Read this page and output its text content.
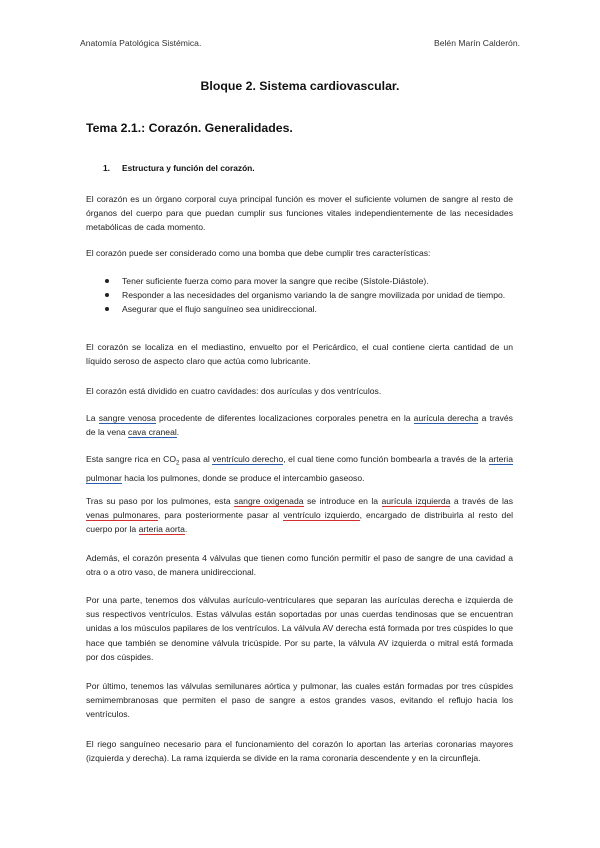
Anatomía Patológica Sistémica.	Belén Marín Calderón.
Bloque 2. Sistema cardiovascular.
Tema 2.1.: Corazón. Generalidades.
1. Estructura y función del corazón.
El corazón es un órgano corporal cuya principal función es mover el suficiente volumen de sangre al resto de órganos del cuerpo para que puedan cumplir sus funciones vitales independientemente de las necesidades metabólicas de cada momento.
El corazón puede ser considerado como una bomba que debe cumplir tres características:
Tener suficiente fuerza como para mover la sangre que recibe (Sístole-Diástole).
Responder a las necesidades del organismo variando la de sangre movilizada por unidad de tiempo.
Asegurar que el flujo sanguíneo sea unidireccional.
El corazón se localiza en el mediastino, envuelto por el Pericárdico, el cual contiene cierta cantidad de un líquido seroso de aspecto claro que actúa como lubricante.
El corazón está dividido en cuatro cavidades: dos aurículas y dos ventrículos.
La sangre venosa procedente de diferentes localizaciones corporales penetra en la aurícula derecha a través de la vena cava craneal.
Esta sangre rica en $CO_2$ pasa al ventrículo derecho, el cual tiene como función bombearla a través de la arteria pulmonar hacia los pulmones, donde se produce el intercambio gaseoso.
Tras su paso por los pulmones, esta sangre oxigenada se introduce en la aurícula izquierda a través de las venas pulmonares, para posteriormente pasar al ventrículo izquierdo, encargado de distribuirla al resto del cuerpo por la arteria aorta.
Además, el corazón presenta 4 válvulas que tienen como función permitir el paso de sangre de una cavidad a otra o a otro vaso, de manera unidireccional.
Por una parte, tenemos dos válvulas aurículo-ventriculares que separan las aurículas derecha e izquierda de sus respectivos ventrículos. Estas válvulas están soportadas por unas cuerdas tendinosas que se encuentran unidas a los músculos papilares de los ventrículos. La válvula AV derecha está formada por tres cúspides lo que hace que también se denomine válvula tricúspide. Por su parte, la válvula AV izquierda o mitral está formada por dos cúspides.
Por último, tenemos las válvulas semilunares aórtica y pulmonar, las cuales están formadas por tres cúspides semimembranosas que permiten el paso de sangre a estos grandes vasos, evitando el reflujo hacia los ventrículos.
El riego sanguíneo necesario para el funcionamiento del corazón lo aportan las arterias coronarias mayores (izquierda y derecha). La rama izquierda se divide en la rama coronaria descendente y en la circunfleja.
